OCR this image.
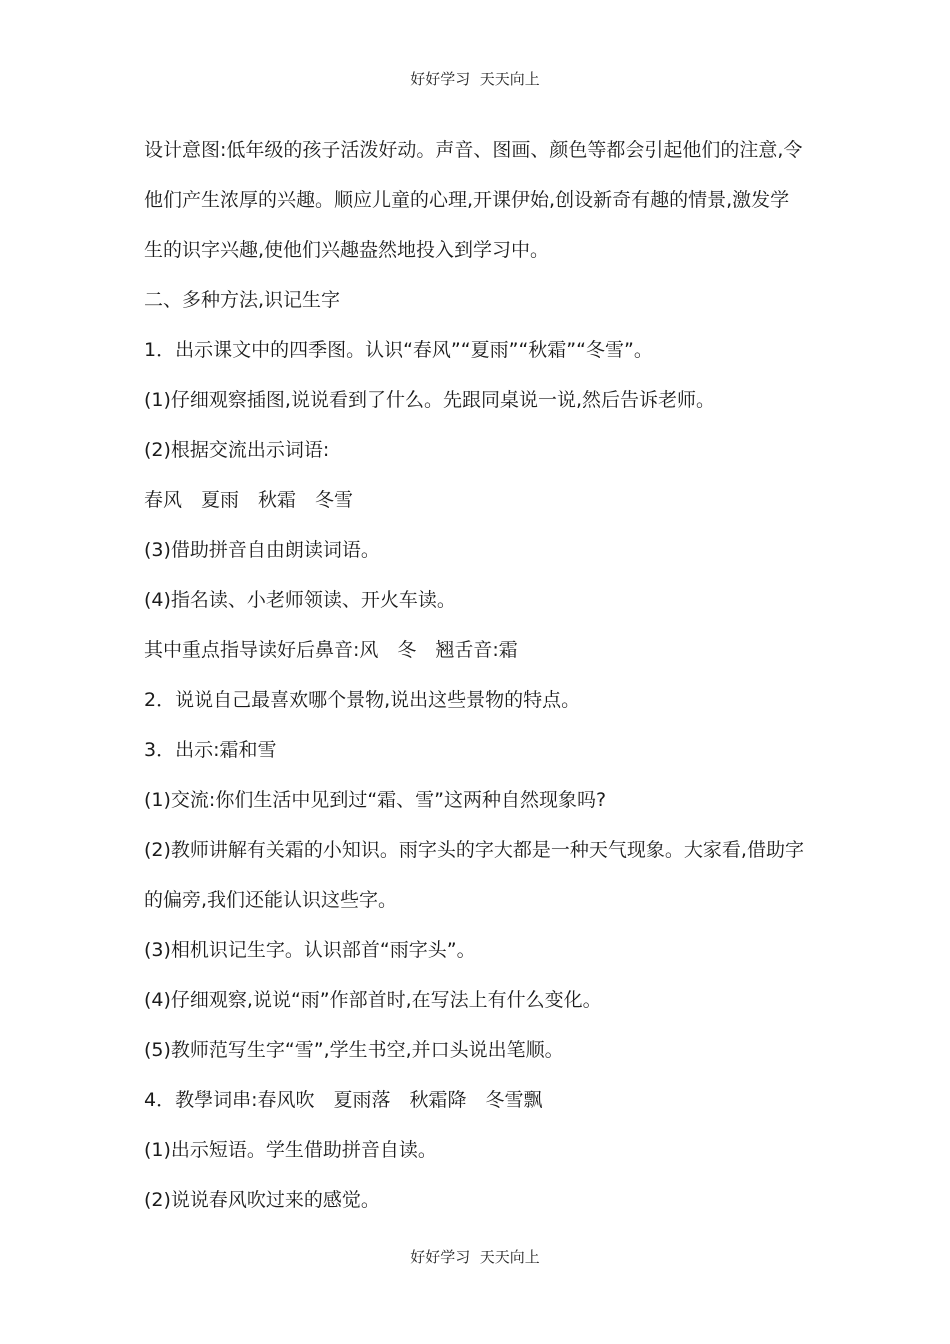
好好学习  天天向上
设计意图:低年级的孩子活泼好动。声音、图画、颜色等都会引起他们的注意,令
他们产生浓厚的兴趣。顺应儿童的心理,开课伊始,创设新奇有趣的情景,激发学
生的识字兴趣,使他们兴趣盎然地投入到学习中。
二、多种方法,识记生字
1．出示课文中的四季图。认识“春风”“夏雨”“秋霜”“冬雪”。
(1)仔细观察插图,说说看到了什么。先跟同桌说一说,然后告诉老师。
(2)根据交流出示词语:
春风　夏雨　秋霜　冬雪
(3)借助拼音自由朗读词语。
(4)指名读、小老师领读、开火车读。
其中重点指导读好后鼻音:风　冬　翘舌音:霜
2．说说自己最喜欢哪个景物,说出这些景物的特点。
3．出示:霜和雪
(1)交流:你们生活中见到过“霜、雪”这两种自然现象吗?
(2)教师讲解有关霜的小知识。雨字头的字大都是一种天气现象。大家看,借助字
的偏旁,我们还能认识这些字。
(3)相机识记生字。认识部首“雨字头”。
(4)仔细观察,说说“雨”作部首时,在写法上有什么变化。
(5)教师范写生字“雪”,学生书空,并口头说出笔顺。
4．教學词串:春风吹　夏雨落　秋霜降　冬雪飘
(1)出示短语。学生借助拼音自读。
(2)说说春风吹过来的感觉。
好好学习  天天向上
